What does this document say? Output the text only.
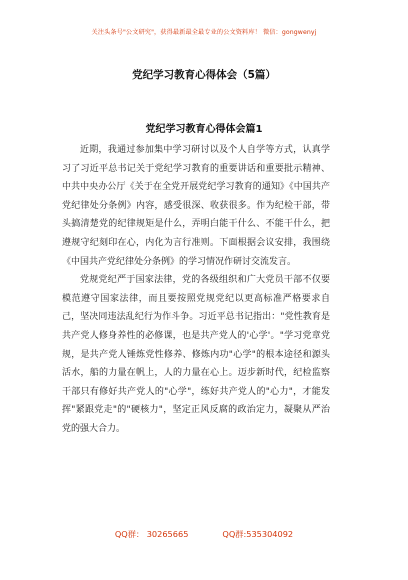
关注头条号"公文研究"，获得最新最全最专业的公文资料库！ 微信：gongwenyj
党纪学习教育心得体会（5篇）
党纪学习教育心得体会篇1

近期，我通过参加集中学习研讨以及个人自学等方式，认真学习了习近平总书记关于党纪学习教育的重要讲话和重要批示精神、中共中央办公厅《关于在全党开展党纪学习教育的通知》《中国共产党纪律处分条例》内容，感受很深、收获很多。作为纪检干部，带头搞清楚党的纪律规矩是什么，弄明白能干什么、不能干什么，把遵规守纪刻印在心，内化为言行准则。下面根据会议安排，我围绕《中国共产党纪律处分条例》的学习情况作研讨交流发言。

党规党纪严于国家法律，党的各级组织和广大党员干部不仅要模范遵守国家法律，而且要按照党规党纪以更高标准严格要求自己，坚决同违法乱纪行为作斗争。习近平总书记指出："党性教育是共产党人修身养性的必修课，也是共产党人的'心学'。"学习党章党规，是共产党人锤炼党性修养、修炼内功"心学"的根本途径和源头活水，船的力量在帆上，人的力量在心上。迈步新时代，纪检监察干部只有修好共产党人的"心学"，练好共产党人的"心力"，才能发挥"紧跟党走"的"硬核力"，坚定正风反腐的政治定力，凝聚从严治党的强大合力。

QQ群： 30265665	QQ群:535304092
